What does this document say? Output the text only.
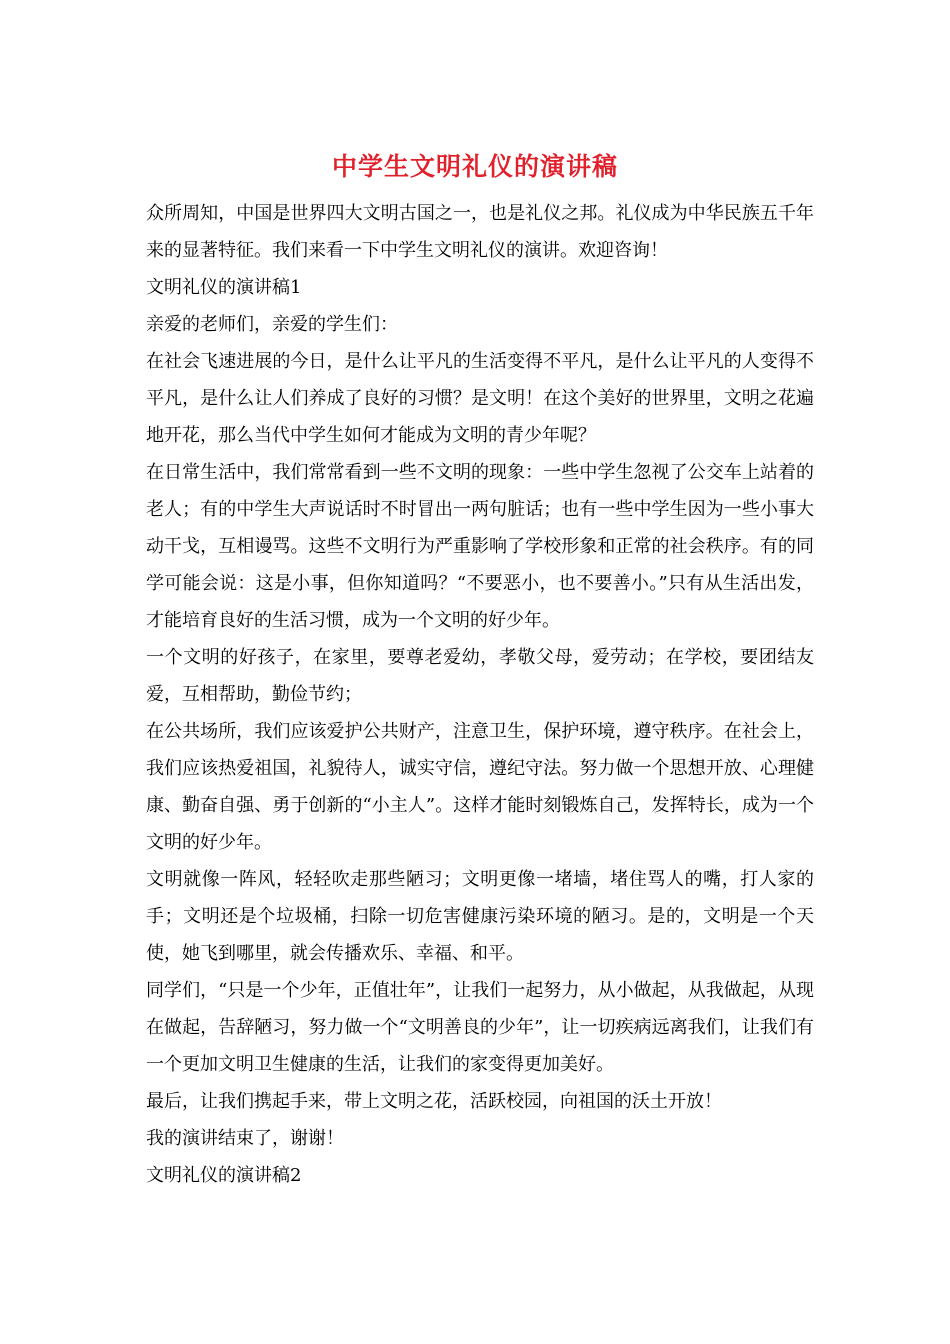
中学生文明礼仪的演讲稿

众所周知，中国是世界四大文明古国之一，也是礼仪之邦。礼仪成为中华民族五千年来的显著特征。我们来看一下中学生文明礼仪的演讲。欢迎咨询！

文明礼仪的演讲稿1

亲爱的老师们，亲爱的学生们：

在社会飞速进展的今日，是什么让平凡的生活变得不平凡，是什么让平凡的人变得不平凡，是什么让人们养成了良好的习惯？是文明！在这个美好的世界里，文明之花遍地开花，那么当代中学生如何才能成为文明的青少年呢？

在日常生活中，我们常常看到一些不文明的现象：一些中学生忽视了公交车上站着的老人；有的中学生大声说话时不时冒出一两句脏话；也有一些中学生因为一些小事大动干戈，互相谩骂。这些不文明行为严重影响了学校形象和正常的社会秩序。有的同学可能会说：这是小事，但你知道吗？“不要恶小，也不要善小。”只有从生活出发，才能培育良好的生活习惯，成为一个文明的好少年。

一个文明的好孩子，在家里，要尊老爱幼，孝敬父母，爱劳动；在学校，要团结友爱，互相帮助，勤俭节约；

在公共场所，我们应该爱护公共财产，注意卫生，保护环境，遵守秩序。在社会上，我们应该热爱祖国，礼貌待人，诚实守信，遵纪守法。努力做一个思想开放、心理健康、勤奋自强、勇于创新的“小主人”。这样才能时刻锻炼自己，发挥特长，成为一个文明的好少年。

文明就像一阵风，轻轻吹走那些陋习；文明更像一堵墙，堵住骂人的嘴，打人家的手；文明还是个垃圾桶，扫除一切危害健康污染环境的陋习。是的，文明是一个天使，她飞到哪里，就会传播欢乐、幸福、和平。

同学们，“只是一个少年，正值壮年”，让我们一起努力，从小做起，从我做起，从现在做起，告辞陋习，努力做一个“文明善良的少年”，让一切疾病远离我们，让我们有一个更加文明卫生健康的生活，让我们的家变得更加美好。

最后，让我们携起手来，带上文明之花，活跃校园，向祖国的沃土开放！

我的演讲结束了，谢谢！

文明礼仪的演讲稿2
